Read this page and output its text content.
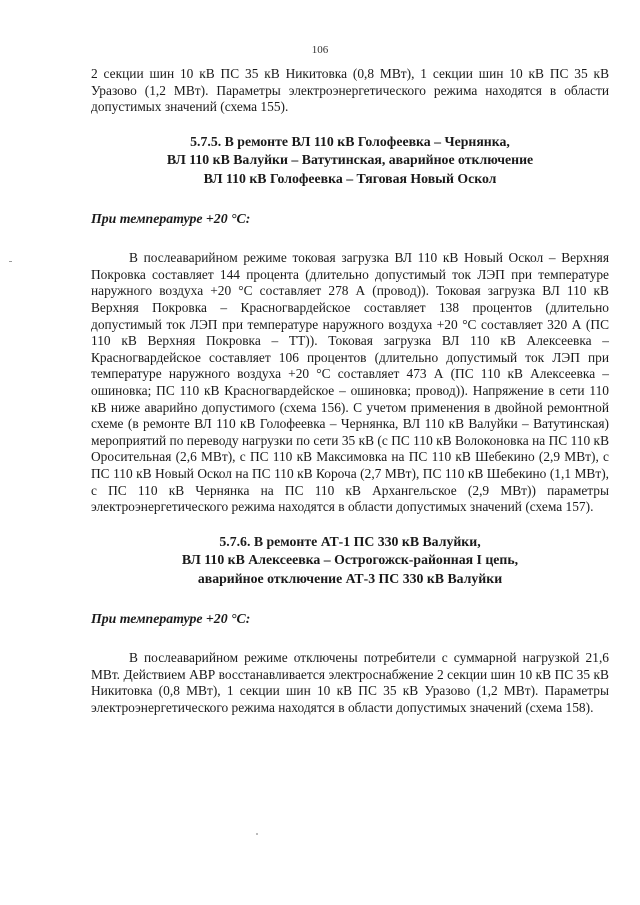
106

2 секции шин 10 кВ ПС 35 кВ Никитовка (0,8 МВт), 1 секции шин 10 кВ ПС 35 кВ Уразово (1,2 МВт). Параметры электроэнергетического режима находятся в области допустимых значений (схема 155).

5.7.5. В ремонте ВЛ 110 кВ Голофеевка – Чернянка,
ВЛ 110 кВ Валуйки – Ватутинская, аварийное отключение
ВЛ 110 кВ Голофеевка – Тяговая Новый Оскол
При температуре +20 °С:

В послеаварийном режиме токовая загрузка ВЛ 110 кВ Новый Оскол – Верхняя Покровка составляет 144 процента (длительно допустимый ток ЛЭП при температуре наружного воздуха +20 °С составляет 278 А (провод)). Токовая загрузка ВЛ 110 кВ Верхняя Покровка – Красногвардейское составляет 138 процентов (длительно допустимый ток ЛЭП при температуре наружного воздуха +20 °С составляет 320 А (ПС 110 кВ Верхняя Покровка – ТТ)). Токовая загрузка ВЛ 110 кВ Алексеевка – Красногвардейское составляет 106 процентов (длительно допустимый ток ЛЭП при температуре наружного воздуха +20 °С составляет 473 А (ПС 110 кВ Алексеевка – ошиновка; ПС 110 кВ Красногвардейское – ошиновка; провод)). Напряжение в сети 110 кВ ниже аварийно допустимого (схема 156). С учетом применения в двойной ремонтной схеме (в ремонте ВЛ 110 кВ Голофеевка – Чернянка, ВЛ 110 кВ Валуйки – Ватутинская) мероприятий по переводу нагрузки по сети 35 кВ (с ПС 110 кВ Волоконовка на ПС 110 кВ Оросительная (2,6 МВт), с ПС 110 кВ Максимовка на ПС 110 кВ Шебекино (2,9 МВт), с ПС 110 кВ Новый Оскол на ПС 110 кВ Короча (2,7 МВт), ПС 110 кВ Шебекино (1,1 МВт), с ПС 110 кВ Чернянка на ПС 110 кВ Архангельское (2,9 МВт)) параметры электроэнергетического режима находятся в области допустимых значений (схема 157).

5.7.6. В ремонте АТ-1 ПС 330 кВ Валуйки,
ВЛ 110 кВ Алексеевка – Острогожск-районная I цепь,
аварийное отключение АТ-3 ПС 330 кВ Валуйки
При температуре +20 °С:

В послеаварийном режиме отключены потребители с суммарной нагрузкой 21,6 МВт. Действием АВР восстанавливается электроснабжение 2 секции шин 10 кВ ПС 35 кВ Никитовка (0,8 МВт), 1 секции шин 10 кВ ПС 35 кВ Уразово (1,2 МВт). Параметры электроэнергетического режима находятся в области допустимых значений (схема 158).
